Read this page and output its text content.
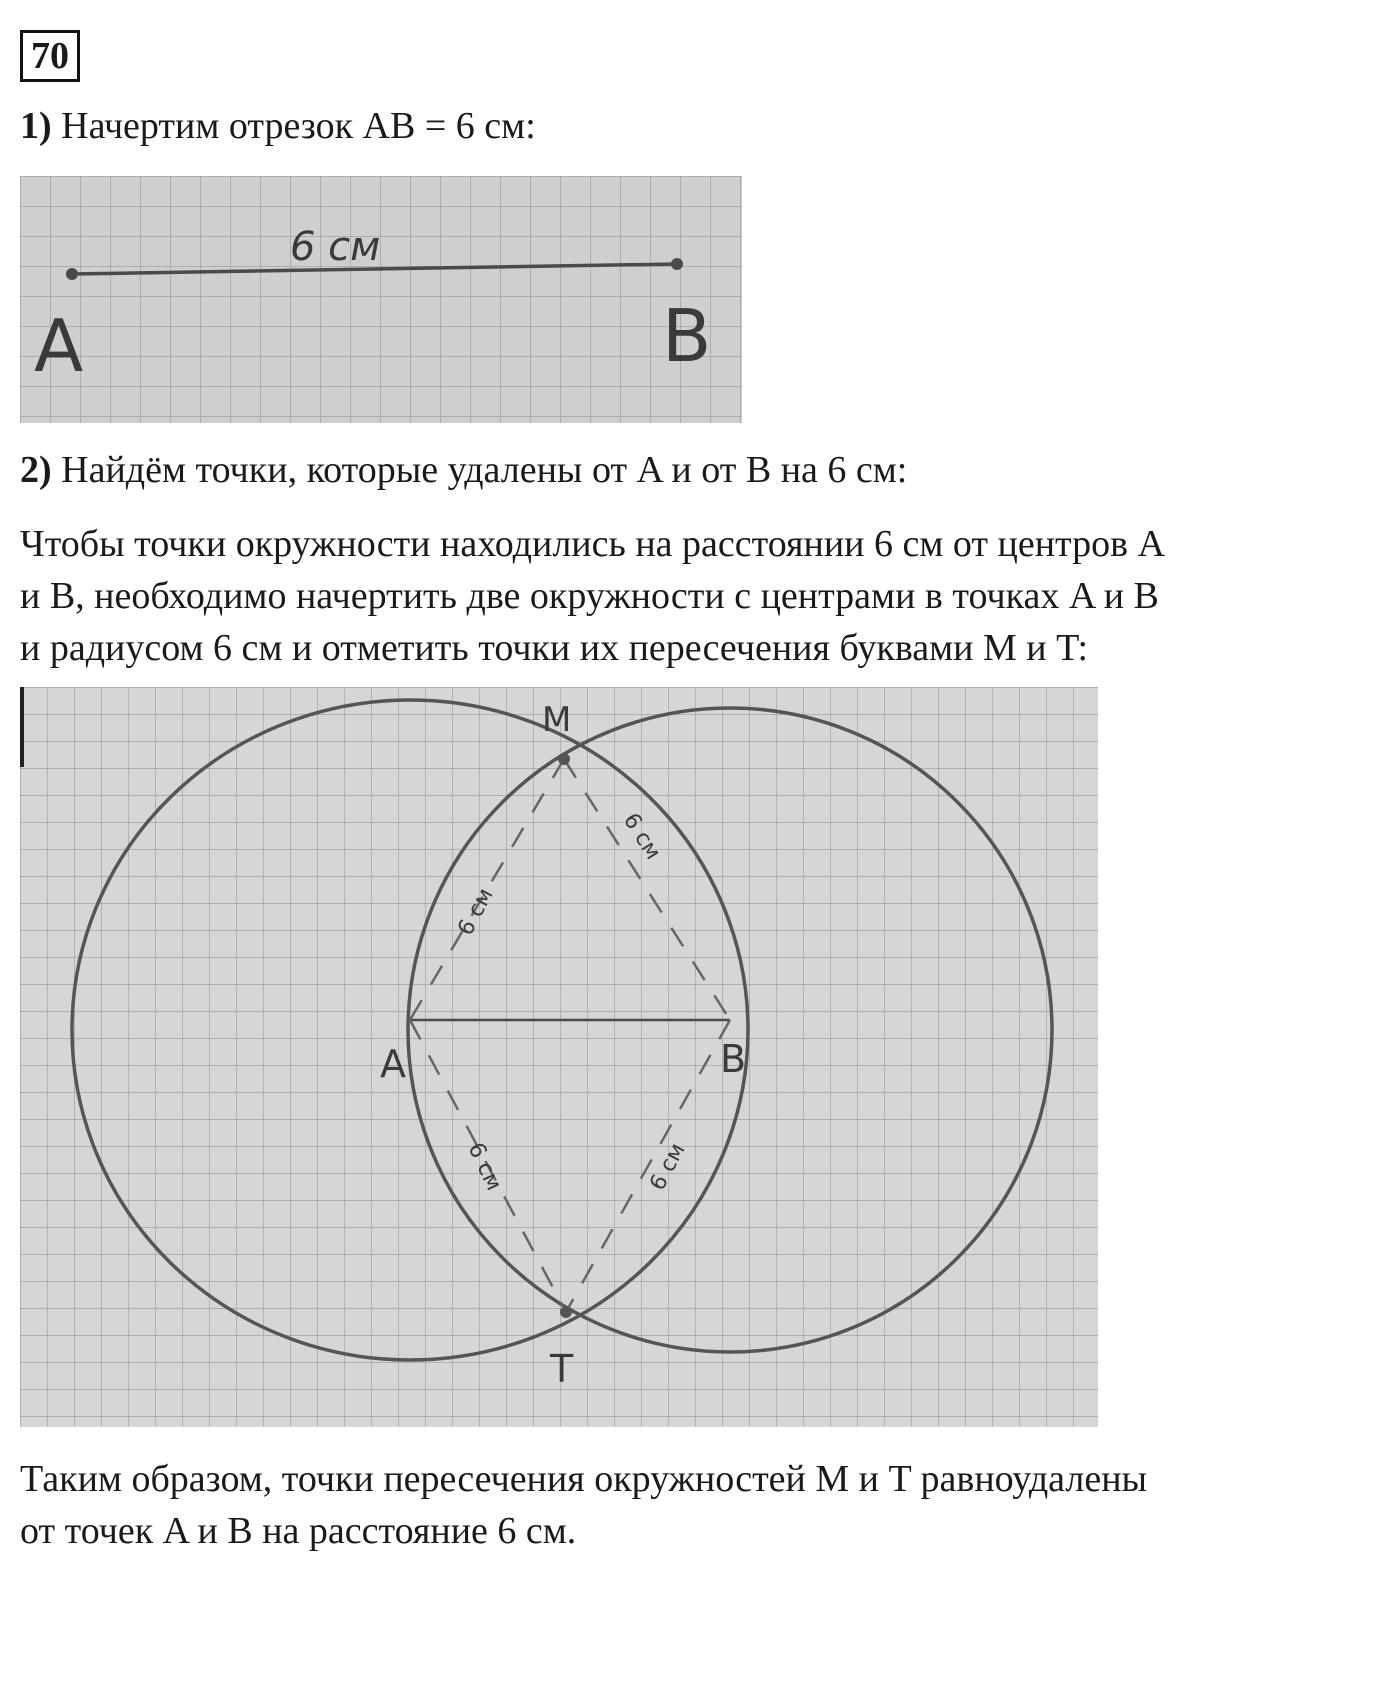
70
1) Начертим отрезок AB = 6 см:
6 см
A	B
2) Найдём точки, которые удалены от A и от B на 6 см:
Чтобы точки окружности находились на расстоянии 6 см от центров A
и B, необходимо начертить две окружности с центрами в точках A и B
и радиусом 6 см и отметить точки их пересечения буквами M и T:
M
T
A	B
6 см
6 см
6 см	6 см
Таким образом, точки пересечения окружностей M и T равноудалены
от точек A и B на расстояние 6 см.
